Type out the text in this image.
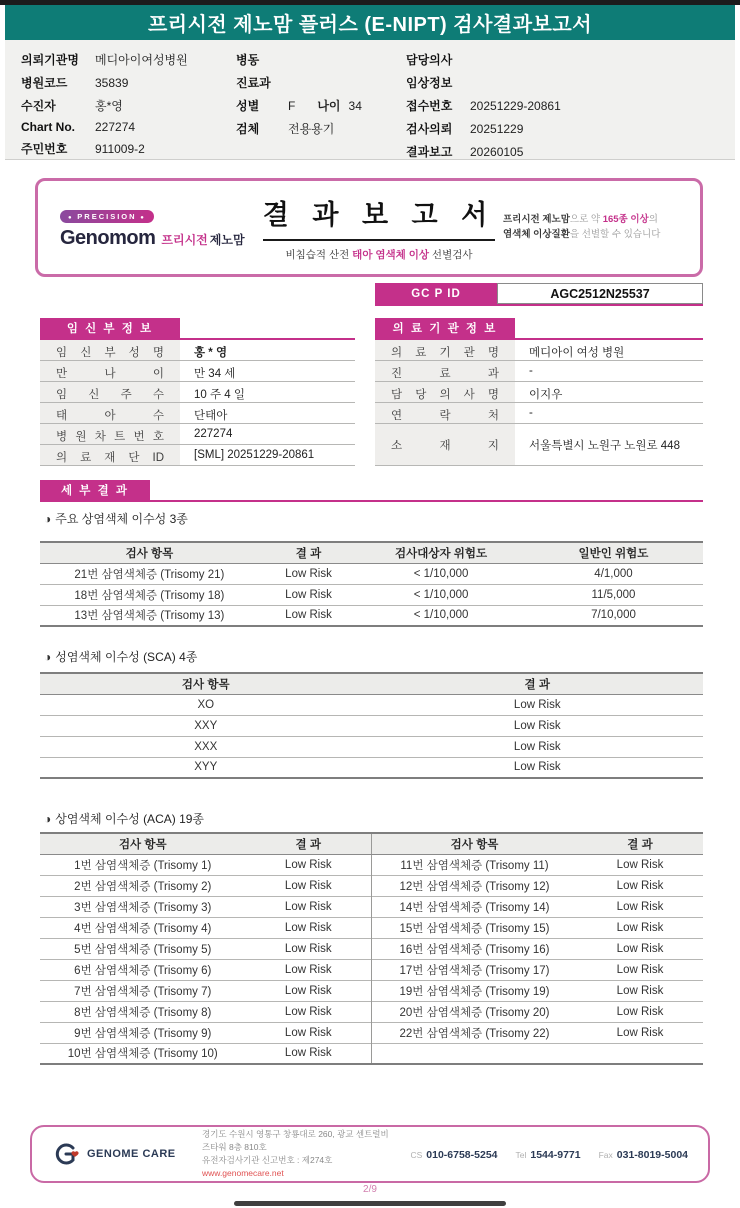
프리시전 제노맘 플러스 (E-NIPT) 검사결과보고서
의뢰기관명	메디아이여성병원
병원코드	35839
수진자	홍*영
Chart No.	227274
주민번호	911009-2
병동
진료과
성별	F 나이 34
검체	전용용기
담당의사
임상정보
접수번호	20251229-20861
검사의뢰	20251229
결과보고	20260105
● PRECISION ●
Genomom 프리시전 제노맘
결 과 보 고 서
비침습적 산전 태아 염색체 이상 선별검사
프리시전 제노맘으로 약 165종 이상의
염색체 이상질환을 선별할 수 있습니다
GC P ID	AGC2512N25537
임 신 부 정 보
임 신 부 성 명	홍 * 영
만 나 이	만 34 세
임 신 주 수	10 주 4 일
태 아 수	단태아
병 원 차 트 번 호	227274
의 료 재 단 ID	[SML] 20251229-20861
의 료 기 관 정 보
의 료 기 관 명	메디아이 여성 병원
진 료 과	-
담 당 의 사 명	이지우
연 락 처	-
소 재 지	서울특별시 노원구 노원로 448
세 부 결 과
◑ 주요 상염색체 이수성 3종
검사 항목	결 과	검사대상자 위험도	일반인 위험도
21번 삼염색체증 (Trisomy 21)	Low Risk	< 1/10,000	4/1,000
18번 삼염색체증 (Trisomy 18)	Low Risk	< 1/10,000	11/5,000
13번 삼염색체증 (Trisomy 13)	Low Risk	< 1/10,000	7/10,000
◑ 성염색체 이수성 (SCA) 4종
검사 항목	결 과
XO	Low Risk
XXY	Low Risk
XXX	Low Risk
XYY	Low Risk
◑ 상염색체 이수성 (ACA) 19종
검사 항목	결 과	검사 항목	결 과
1번 삼염색체증 (Trisomy 1)	Low Risk	11번 삼염색체증 (Trisomy 11)	Low Risk
2번 삼염색체증 (Trisomy 2)	Low Risk	12번 삼염색체증 (Trisomy 12)	Low Risk
3번 삼염색체증 (Trisomy 3)	Low Risk	14번 삼염색체증 (Trisomy 14)	Low Risk
4번 삼염색체증 (Trisomy 4)	Low Risk	15번 삼염색체증 (Trisomy 15)	Low Risk
5번 삼염색체증 (Trisomy 5)	Low Risk	16번 삼염색체증 (Trisomy 16)	Low Risk
6번 삼염색체증 (Trisomy 6)	Low Risk	17번 삼염색체증 (Trisomy 17)	Low Risk
7번 삼염색체증 (Trisomy 7)	Low Risk	19번 삼염색체증 (Trisomy 19)	Low Risk
8번 삼염색체증 (Trisomy 8)	Low Risk	20번 삼염색체증 (Trisomy 20)	Low Risk
9번 삼염색체증 (Trisomy 9)	Low Risk	22번 삼염색체증 (Trisomy 22)	Low Risk
10번 삼염색체증 (Trisomy 10)	Low Risk		
GENOME CARE
경기도 수원시 영통구 창룡대로 260, 광교 센트럴비즈타워 8층 810호
유전자검사기관 신고번호 : 제274호
www.genomecare.net
CS 010-6758-5254 Tel 1544-9771 Fax 031-8019-5004
2/9
